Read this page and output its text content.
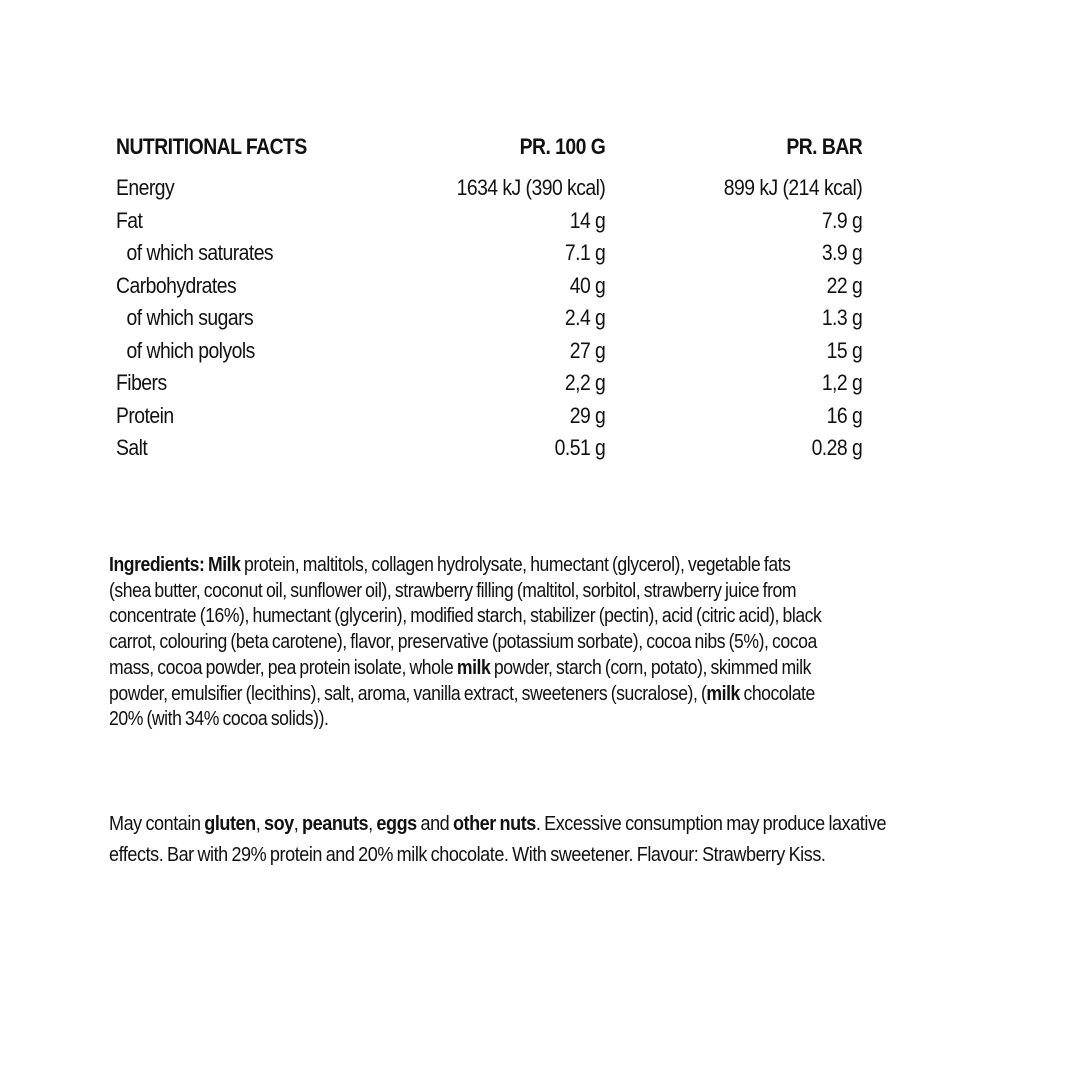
NUTRITIONAL FACTS	PR. 100 G	PR. BAR
Energy	1634 kJ (390 kcal)	899 kJ (214 kcal)
Fat	14 g	7.9 g
of which saturates	7.1 g	3.9 g
Carbohydrates	40 g	22 g
of which sugars	2.4 g	1.3 g
of which polyols	27 g	15 g
Fibers	2,2 g	1,2 g
Protein	29 g	16 g
Salt	0.51 g	0.28 g
Ingredients: Milk protein, maltitols, collagen hydrolysate, humectant (glycerol), vegetable fats
(shea butter, coconut oil, sunflower oil), strawberry filling (maltitol, sorbitol, strawberry juice from
concentrate (16%), humectant (glycerin), modified starch, stabilizer (pectin), acid (citric acid), black
carrot, colouring (beta carotene), flavor, preservative (potassium sorbate), cocoa nibs (5%), cocoa
mass, cocoa powder, pea protein isolate, whole milk powder, starch (corn, potato), skimmed milk
powder, emulsifier (lecithins), salt, aroma, vanilla extract, sweeteners (sucralose), (milk chocolate
20% (with 34% cocoa solids)).
May contain gluten, soy, peanuts, eggs and other nuts. Excessive consumption may produce laxative
effects. Bar with 29% protein and 20% milk chocolate. With sweetener. Flavour: Strawberry Kiss.
